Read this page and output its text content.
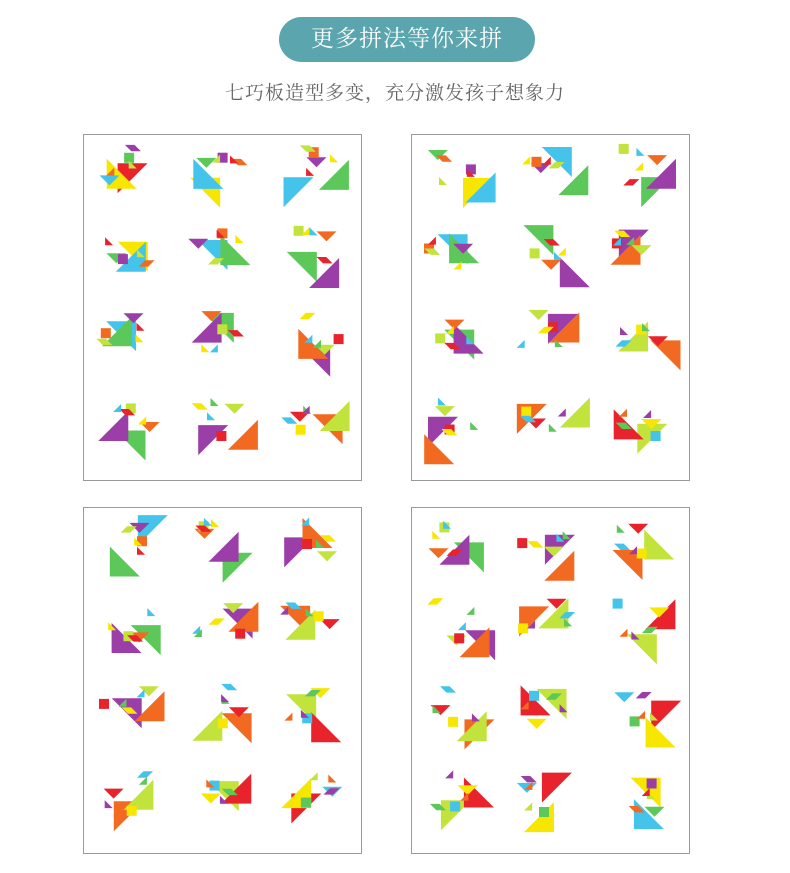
更多拼法等你来拼
七巧板造型多变，充分激发孩子想象力
